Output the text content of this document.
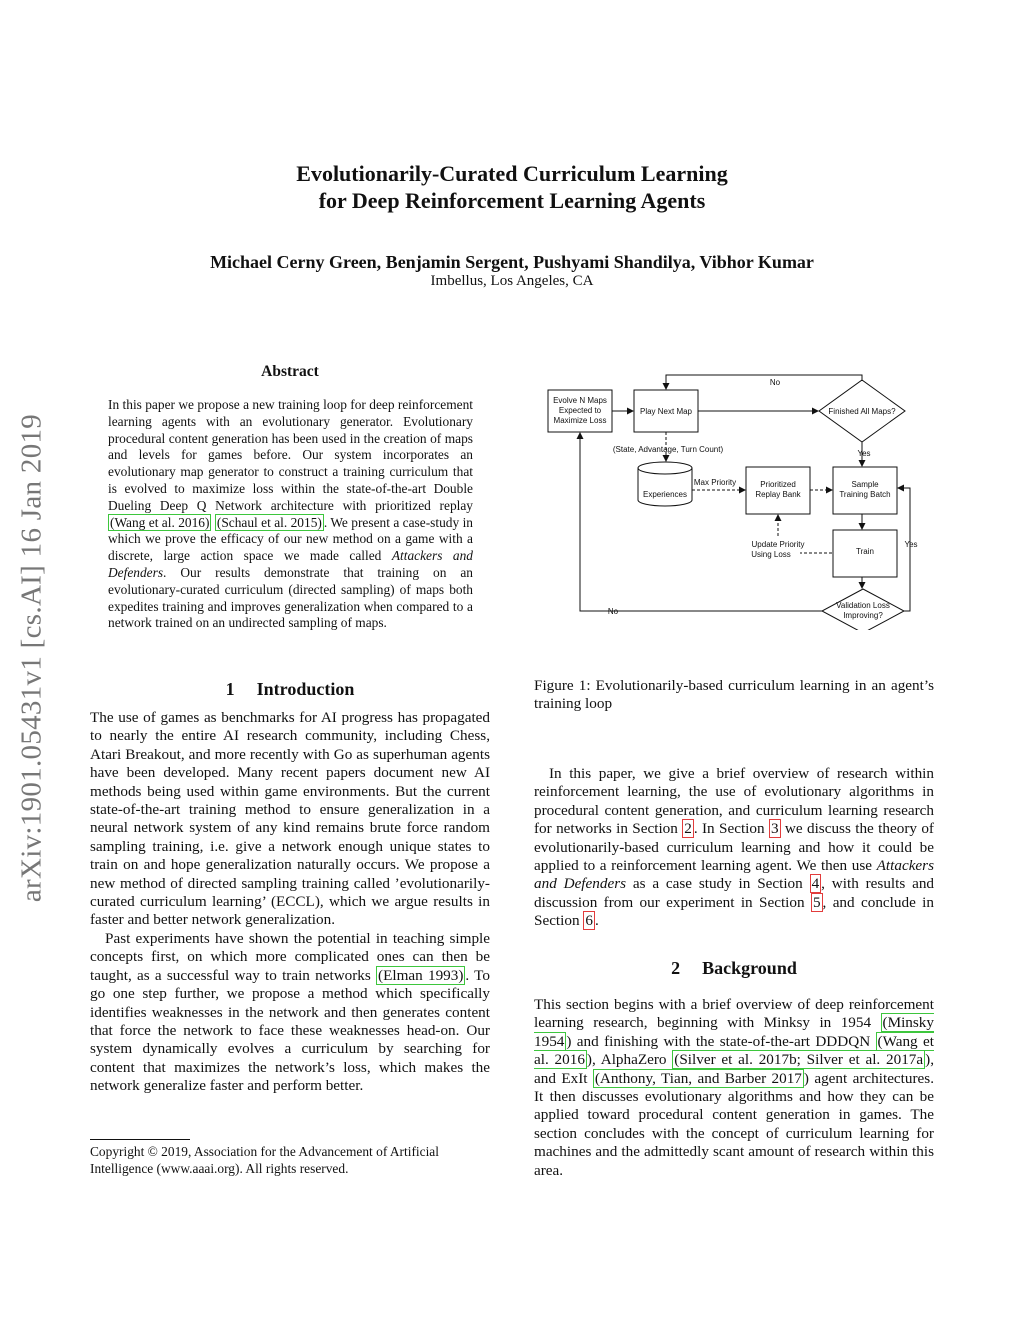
Evolutionarily-Curated Curriculum Learning
for Deep Reinforcement Learning Agents
Michael Cerny Green, Benjamin Sergent, Pushyami Shandilya, Vibhor Kumar
Imbellus, Los Angeles, CA
arXiv:1901.05431v1 [cs.AI] 16 Jan 2019
Abstract
In this paper we propose a new training loop for deep reinforcement learning agents with an evolutionary generator. Evolutionary procedural content generation has been used in the creation of maps and levels for games before. Our system incorporates an evolutionary map generator to construct a training curriculum that is evolved to maximize loss within the state-of-the-art Double Dueling Deep Q Network architecture with prioritized replay (Wang et al. 2016) (Schaul et al. 2015) . We present a case-study in which we prove the efficacy of our new method on a game with a discrete, large action space we made called Attackers and Defenders. Our results demonstrate that training on an evolutionary-curated curriculum (directed sampling) of maps both expedites training and improves generalization when compared to a network trained on an undirected sampling of maps.
1 Introduction

The use of games as benchmarks for AI progress has propagated to nearly the entire AI research community, including Chess, Atari Breakout, and more recently with Go as superhuman agents have been developed. Many recent papers document new AI methods being used within game environments. But the current state-of-the-art training method to ensure generalization in a neural network system of any kind remains brute force random sampling training, i.e. give a network enough unique states to train on and hope generalization naturally occurs. We propose a new method of directed sampling training called ’evolutionarily-curated curriculum learning’ (ECCL), which we argue results in faster and better network generalization.

Past experiments have shown the potential in teaching simple concepts first, on which more complicated ones can then be taught, as a successful way to train networks (Elman 1993) . To go one step further, we propose a method which specifically identifies weaknesses in the network and then generates content that force the network to face these weaknesses head-on. Our system dynamically evolves a curriculum by searching for content that maximizes the network’s loss, which makes the network generalize faster and perform better.

Copyright © 2019, Association for the Advancement of Artificial Intelligence (www.aaai.org). All rights reserved.
Evolve N Maps
Expected to
Maximize Loss
Play Next Map	Finished All Maps?
No
Yes
(State, Advantage, Turn Count)
Experiences
Max Priority	Prioritized
Replay Bank
Sample
Training Batch
Update Priority
Using Loss	Train
Yes
Validation Loss
Improving?
No
Figure 1: Evolutionarily-based curriculum learning in an agent’s training loop

In this paper, we give a brief overview of research within reinforcement learning, the use of evolutionary algorithms in procedural content generation, and curriculum learning research for networks in Section 2 . In Section 3 we discuss the theory of evolutionarily-based curriculum learning and how it could be applied to a reinforcement learning agent. We then use Attackers and Defenders as a case study in Section 4 , with results and discussion from our experiment in Section 5 , and conclude in Section 6 .

2 Background

This section begins with a brief overview of deep reinforcement learning research, beginning with Minksy in 1954 (Minsky 1954 ) and finishing with the state-of-the-art DDDQN (Wang et al. 2016 ), AlphaZero (Silver et al. 2017b; Silver et al. 2017a ), and ExIt (Anthony, Tian, and Barber 2017 ) agent architectures. It then discusses evolutionary algorithms and how they can be applied toward procedural content generation in games. The section concludes with the concept of curriculum learning for machines and the admittedly scant amount of research within this area.
